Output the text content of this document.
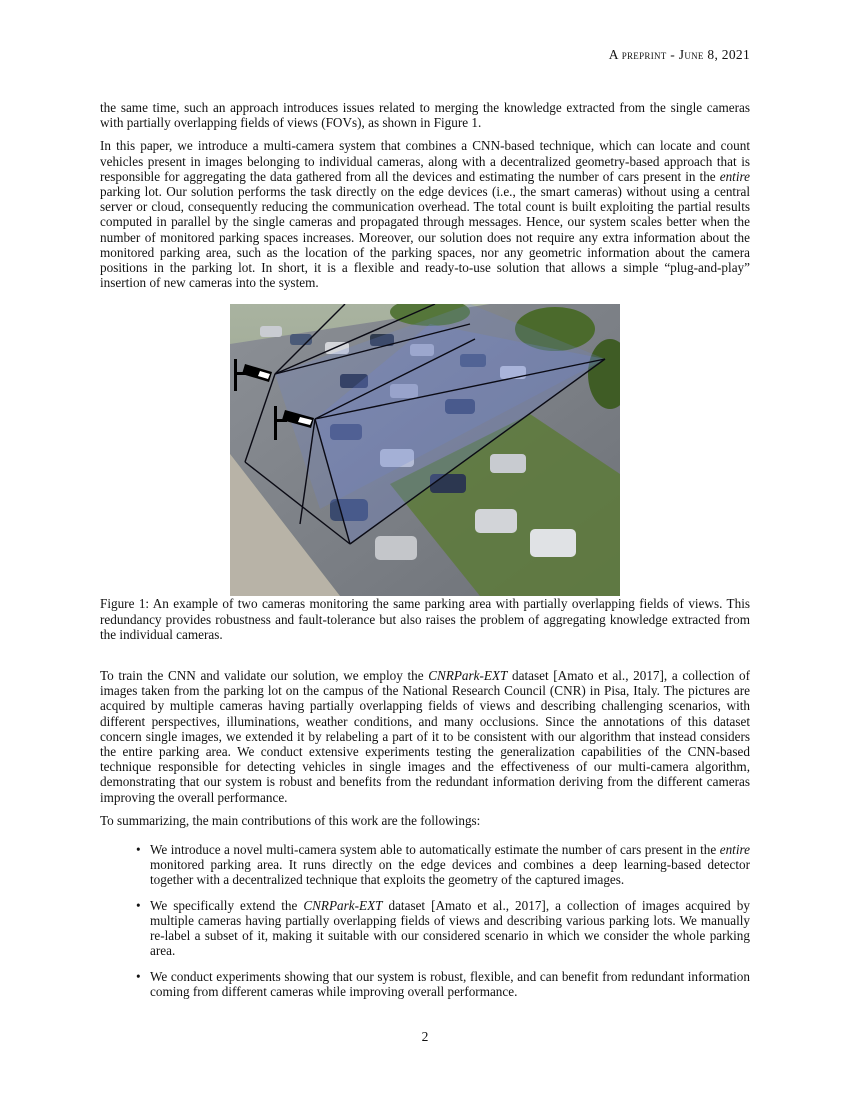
A preprint - June 8, 2021

the same time, such an approach introduces issues related to merging the knowledge extracted from the single cameras with partially overlapping fields of views (FOVs), as shown in Figure 1.

In this paper, we introduce a multi-camera system that combines a CNN-based technique, which can locate and count vehicles present in images belonging to individual cameras, along with a decentralized geometry-based approach that is responsible for aggregating the data gathered from all the devices and estimating the number of cars present in the entire parking lot. Our solution performs the task directly on the edge devices (i.e., the smart cameras) without using a central server or cloud, consequently reducing the communication overhead. The total count is built exploiting the partial results computed in parallel by the single cameras and propagated through messages. Hence, our system scales better when the number of monitored parking spaces increases. Moreover, our solution does not require any extra information about the monitored parking area, such as the location of the parking spaces, nor any geometric information about the camera positions in the parking lot. In short, it is a flexible and ready-to-use solution that allows a simple “plug-and-play” insertion of new cameras into the system.

Figure 1: An example of two cameras monitoring the same parking area with partially overlapping fields of views. This redundancy provides robustness and fault-tolerance but also raises the problem of aggregating knowledge extracted from the individual cameras.

To train the CNN and validate our solution, we employ the CNRPark-EXT dataset [Amato et al., 2017], a collection of images taken from the parking lot on the campus of the National Research Council (CNR) in Pisa, Italy. The pictures are acquired by multiple cameras having partially overlapping fields of views and describing challenging scenarios, with different perspectives, illuminations, weather conditions, and many occlusions. Since the annotations of this dataset concern single images, we extended it by relabeling a part of it to be consistent with our algorithm that instead considers the entire parking area. We conduct extensive experiments testing the generalization capabilities of the CNN-based technique responsible for detecting vehicles in single images and the effectiveness of our multi-camera algorithm, demonstrating that our system is robust and benefits from the redundant information deriving from the different cameras improving the overall performance.

To summarizing, the main contributions of this work are the followings:

• We introduce a novel multi-camera system able to automatically estimate the number of cars present in the entire monitored parking area. It runs directly on the edge devices and combines a deep learning-based detector together with a decentralized technique that exploits the geometry of the captured images.
• We specifically extend the CNRPark-EXT dataset [Amato et al., 2017], a collection of images acquired by multiple cameras having partially overlapping fields of views and describing various parking lots. We manually re-label a subset of it, making it suitable with our considered scenario in which we consider the whole parking area.
• We conduct experiments showing that our system is robust, flexible, and can benefit from redundant information coming from different cameras while improving overall performance.
2
